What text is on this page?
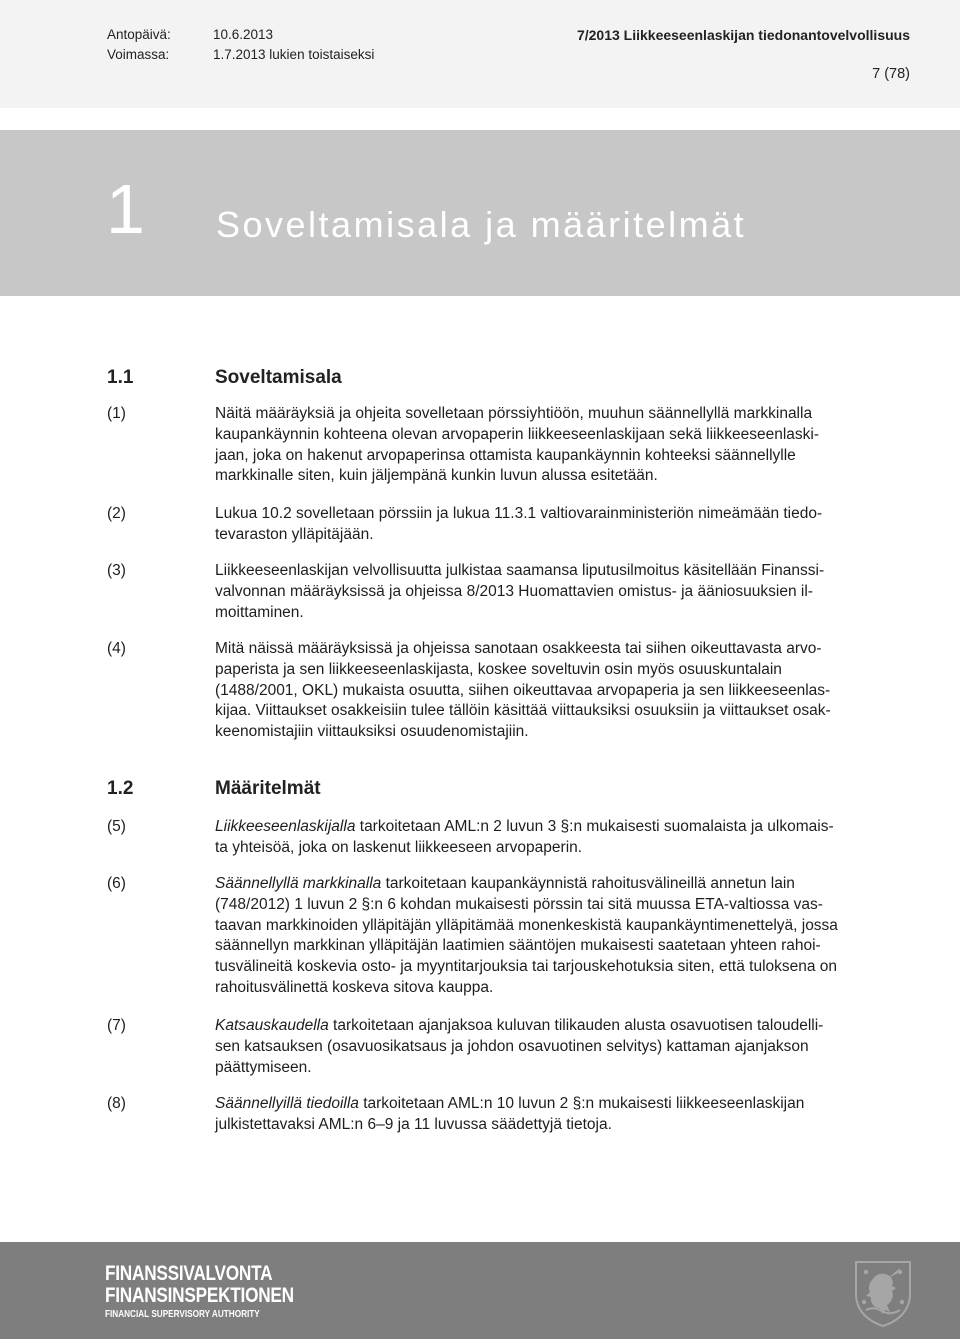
Antopäivä:	10.6.2013
Voimassa:	1.7.2013 lukien toistaiseksi
7/2013 Liikkeeseenlaskijan tiedonantovelvollisuus
7 (78)
1 Soveltamisala ja määritelmät
1.1	Soveltamisala
(1)	Näitä määräyksiä ja ohjeita sovelletaan pörssiyhtiöön, muuhun säännellyllä markkinalla
kaupankäynnin kohteena olevan arvopaperin liikkeeseenlaskijaan sekä liikkeeseenlaski-
jaan, joka on hakenut arvopaperinsa ottamista kaupankäynnin kohteeksi säännellylle
markkinalle siten, kuin jäljempänä kunkin luvun alussa esitetään.
(2)	Lukua 10.2 sovelletaan pörssiin ja lukua 11.3.1 valtiovarainministeriön nimeämään tiedo-
tevaraston ylläpitäjään.
(3)	Liikkeeseenlaskijan velvollisuutta julkistaa saamansa liputusilmoitus käsitellään Finanssi-
valvonnan määräyksissä ja ohjeissa 8/2013 Huomattavien omistus- ja ääniosuuksien il-
moittaminen.
(4)	Mitä näissä määräyksissä ja ohjeissa sanotaan osakkeesta tai siihen oikeuttavasta arvo-
paperista ja sen liikkeeseenlaskijasta, koskee soveltuvin osin myös osuuskuntalain
(1488/2001, OKL) mukaista osuutta, siihen oikeuttavaa arvopaperia ja sen liikkeeseenlas-
kijaa. Viittaukset osakkeisiin tulee tällöin käsittää viittauksiksi osuuksiin ja viittaukset osak-
keenomistajiin viittauksiksi osuudenomistajiin.
1.2	Määritelmät
(5)	Liikkeeseenlaskijalla tarkoitetaan AML:n 2 luvun 3 §:n mukaisesti suomalaista ja ulkomais-
ta yhteisöä, joka on laskenut liikkeeseen arvopaperin.
(6)	Säännellyllä markkinalla tarkoitetaan kaupankäynnistä rahoitusvälineillä annetun lain
(748/2012) 1 luvun 2 §:n 6 kohdan mukaisesti pörssin tai sitä muussa ETA-valtiossa vas-
taavan markkinoiden ylläpitäjän ylläpitämää monenkeskistä kaupankäyntimenettelyä, jossa
säännellyn markkinan ylläpitäjän laatimien sääntöjen mukaisesti saatetaan yhteen rahoi-
tusvälineitä koskevia osto- ja myyntitarjouksia tai tarjouskehotuksia siten, että tuloksena on
rahoitusvälinettä koskeva sitova kauppa.
(7)	Katsauskaudella tarkoitetaan ajanjaksoa kuluvan tilikauden alusta osavuotisen taloudelli-
sen katsauksen (osavuosikatsaus ja johdon osavuotinen selvitys) kattaman ajanjakson
päättymiseen.
(8)	Säännellyillä tiedoilla tarkoitetaan AML:n 10 luvun 2 §:n mukaisesti liikkeeseenlaskijan
julkistettavaksi AML:n 6–9 ja 11 luvussa säädettyjä tietoja.
FINANSSIVALVONTA
FINANSINSPEKTIONEN
FINANCIAL SUPERVISORY AUTHORITY
